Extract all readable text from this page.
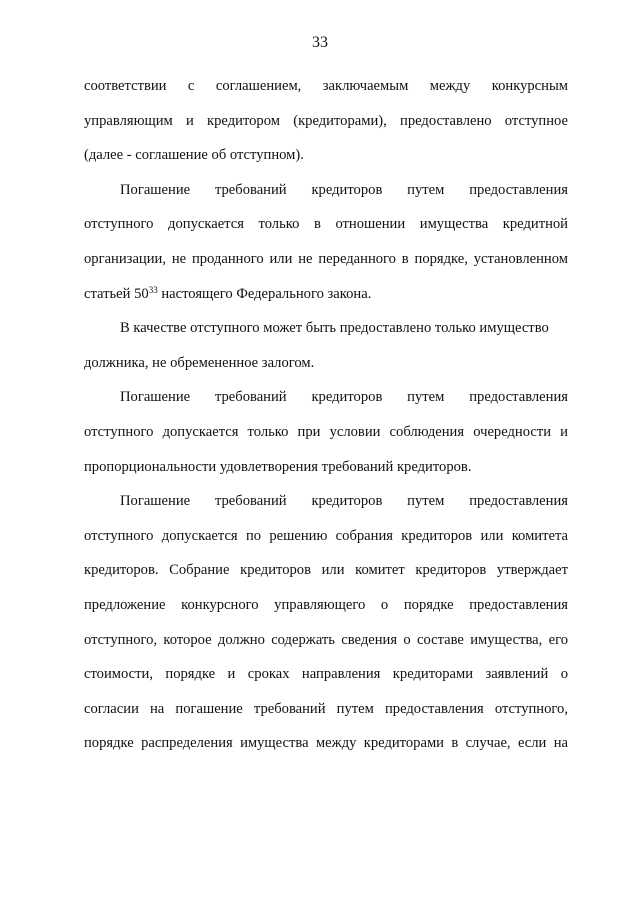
33
соответствии с соглашением, заключаемым между конкурсным
управляющим и кредитором (кредиторами), предоставлено отступное
(далее - соглашение об отступном).
Погашение требований кредиторов путем предоставления
отступного допускается только в отношении имущества кредитной
организации, не проданного или не переданного в порядке, установленном
статьей $50^{33}$ настоящего Федерального закона.
В качестве отступного может быть предоставлено только имущество
должника, не обремененное залогом.
Погашение требований кредиторов путем предоставления
отступного допускается только при условии соблюдения очередности и
пропорциональности удовлетворения требований кредиторов.
Погашение требований кредиторов путем предоставления
отступного допускается по решению собрания кредиторов или комитета
кредиторов. Собрание кредиторов или комитет кредиторов утверждает
предложение конкурсного управляющего о порядке предоставления
отступного, которое должно содержать сведения о составе имущества, его
стоимости, порядке и сроках направления кредиторами заявлений о
согласии на погашение требований путем предоставления отступного,
порядке распределения имущества между кредиторами в случае, если на
